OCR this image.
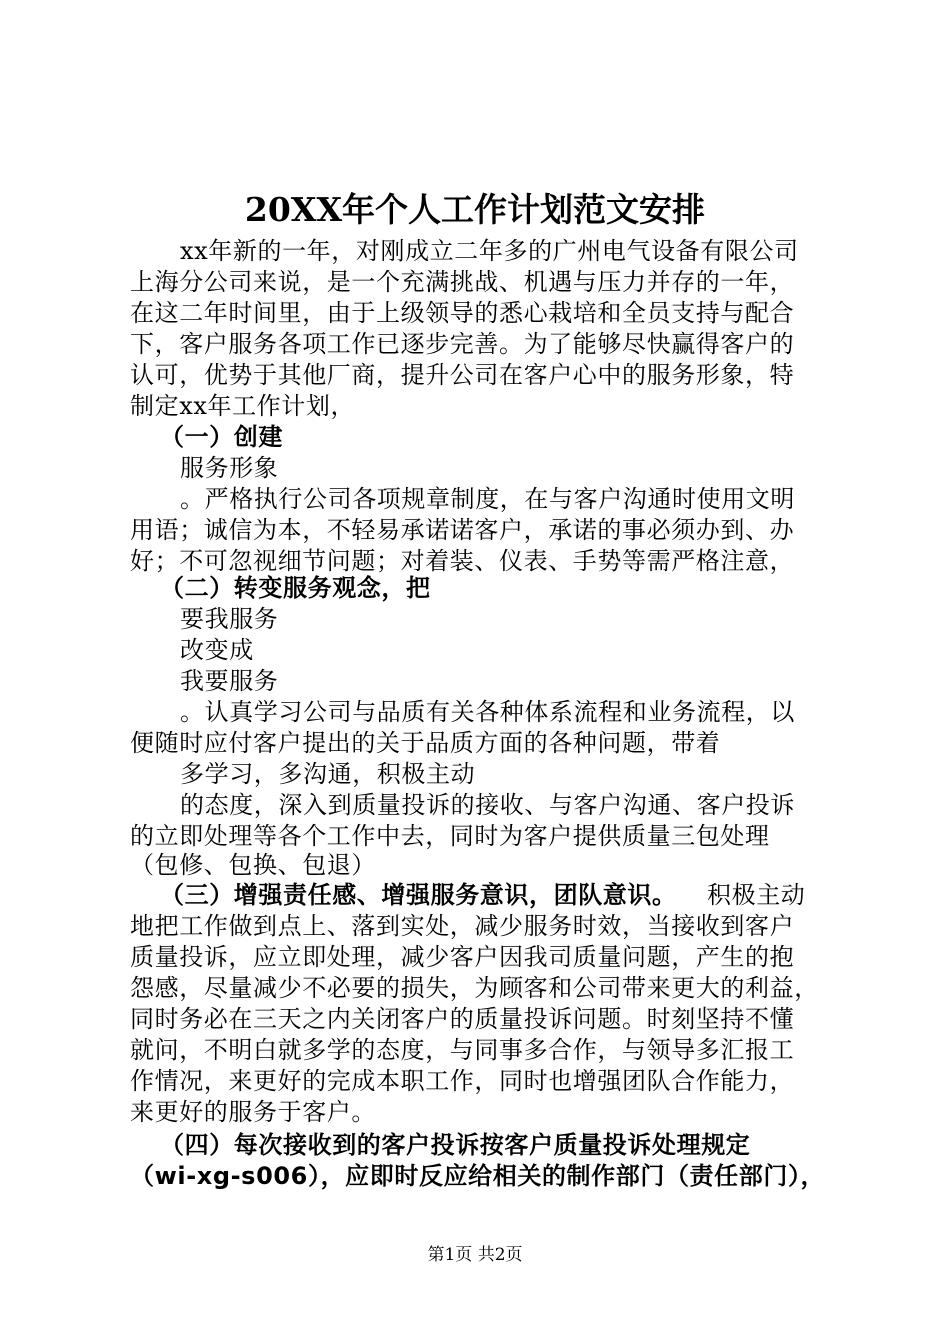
20XX年个人工作计划范文安排
xx年新的一年，对刚成立二年多的广州电气设备有限公司
上海分公司来说，是一个充满挑战、机遇与压力并存的一年，
在这二年时间里，由于上级领导的悉心栽培和全员支持与配合
下，客户服务各项工作已逐步完善。为了能够尽快赢得客户的
认可，优势于其他厂商，提升公司在客户心中的服务形象，特
制定xx年工作计划，
（一）创建
服务形象
。严格执行公司各项规章制度，在与客户沟通时使用文明
用语；诚信为本，不轻易承诺诺客户，承诺的事必须办到、办
好；不可忽视细节问题；对着装、仪表、手势等需严格注意，
（二）转变服务观念，把
要我服务
改变成
我要服务
。认真学习公司与品质有关各种体系流程和业务流程，以
便随时应付客户提出的关于品质方面的各种问题，带着
多学习，多沟通，积极主动
的态度，深入到质量投诉的接收、与客户沟通、客户投诉
的立即处理等各个工作中去，同时为客户提供质量三包处理
（包修、包换、包退）
（三）增强责任感、增强服务意识，团队意识。 积极主动
地把工作做到点上、落到实处，减少服务时效，当接收到客户
质量投诉，应立即处理，减少客户因我司质量问题，产生的抱
怨感，尽量减少不必要的损失，为顾客和公司带来更大的利益，
同时务必在三天之内关闭客户的质量投诉问题。时刻坚持不懂
就问，不明白就多学的态度，与同事多合作，与领导多汇报工
作情况，来更好的完成本职工作，同时也增强团队合作能力，
来更好的服务于客户。
（四）每次接收到的客户投诉按客户质量投诉处理规定
（wi-xg-s006），应即时反应给相关的制作部门（责任部门），
第1页 共2页
